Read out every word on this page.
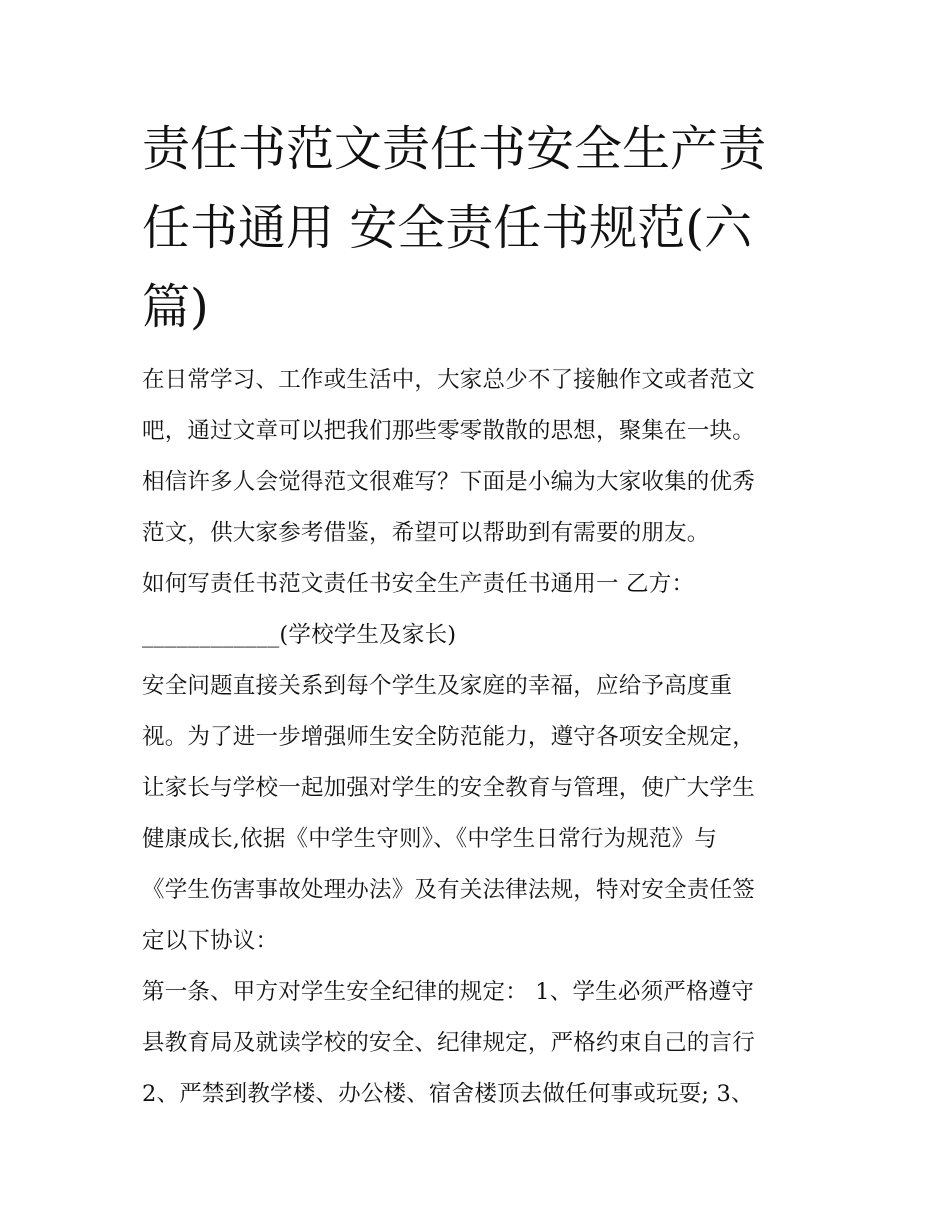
责任书范文责任书安全生产责
任书通用 安全责任书规范(六
篇)
在日常学习、工作或生活中，大家总少不了接触作文或者范文
吧，通过文章可以把我们那些零零散散的思想，聚集在一块。
相信许多人会觉得范文很难写？下面是小编为大家收集的优秀
范文，供大家参考借鉴，希望可以帮助到有需要的朋友。
如何写责任书范文责任书安全生产责任书通用一 乙方：
____________(学校学生及家长)
安全问题直接关系到每个学生及家庭的幸福，应给予高度重
视。为了进一步增强师生安全防范能力，遵守各项安全规定，
让家长与学校一起加强对学生的安全教育与管理，使广大学生
健康成长,依据《中学生守则》、《中学生日常行为规范》与
《学生伤害事故处理办法》及有关法律法规，特对安全责任签
定以下协议：
第一条、甲方对学生安全纪律的规定： 1、学生必须严格遵守
县教育局及就读学校的安全、纪律规定，严格约束自己的言行
2、严禁到教学楼、办公楼、宿舍楼顶去做任何事或玩耍; 3、
